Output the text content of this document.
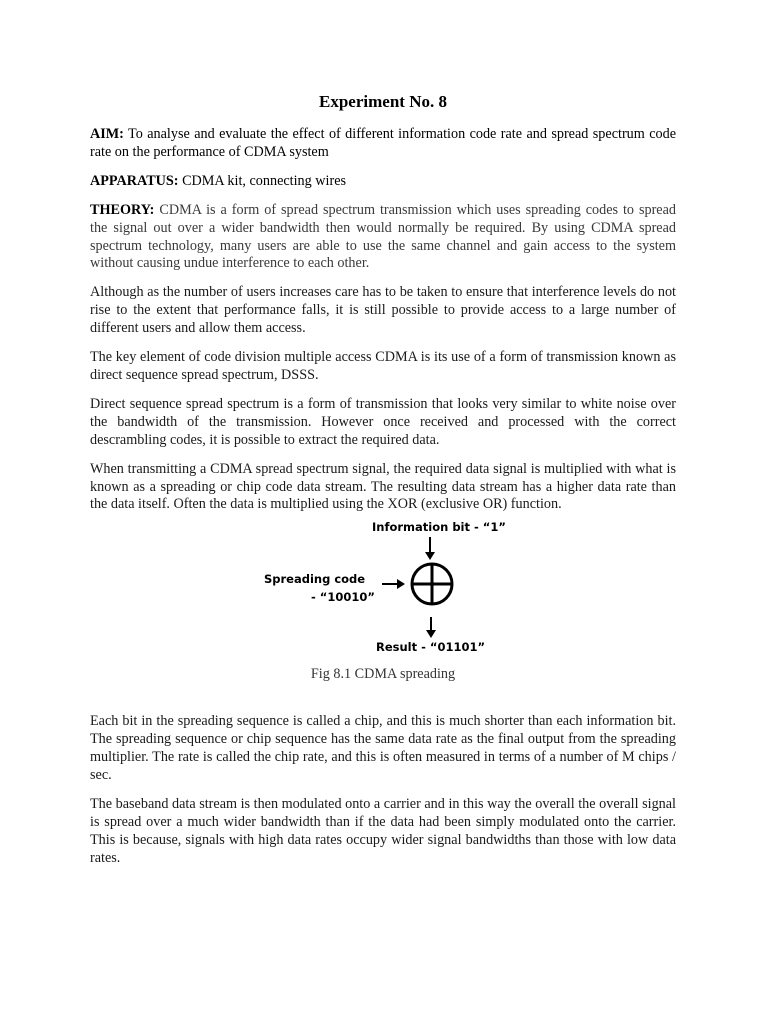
Experiment No. 8

AIM: To analyse and evaluate the effect of different information code rate and spread spectrum code rate on the performance of CDMA system

APPARATUS: CDMA kit, connecting wires

THEORY: CDMA is a form of spread spectrum transmission which uses spreading codes to spread the signal out over a wider bandwidth then would normally be required. By using CDMA spread spectrum technology, many users are able to use the same channel and gain access to the system without causing undue interference to each other.

Although as the number of users increases care has to be taken to ensure that interference levels do not rise to the extent that performance falls, it is still possible to provide access to a large number of different users and allow them access.

The key element of code division multiple access CDMA is its use of a form of transmission known as direct sequence spread spectrum, DSSS.

Direct sequence spread spectrum is a form of transmission that looks very similar to white noise over the bandwidth of the transmission. However once received and processed with the correct descrambling codes, it is possible to extract the required data.

When transmitting a CDMA spread spectrum signal, the required data signal is multiplied with what is known as a spreading or chip code data stream. The resulting data stream has a higher data rate than the data itself. Often the data is multiplied using the XOR (exclusive OR) function.

Information bit - “1”
Spreading code
- “10010”
Result - “01101”
Fig 8.1 CDMA spreading

Each bit in the spreading sequence is called a chip, and this is much shorter than each information bit. The spreading sequence or chip sequence has the same data rate as the final output from the spreading multiplier. The rate is called the chip rate, and this is often measured in terms of a number of M chips / sec.

The baseband data stream is then modulated onto a carrier and in this way the overall the overall signal is spread over a much wider bandwidth than if the data had been simply modulated onto the carrier. This is because, signals with high data rates occupy wider signal bandwidths than those with low data rates.
